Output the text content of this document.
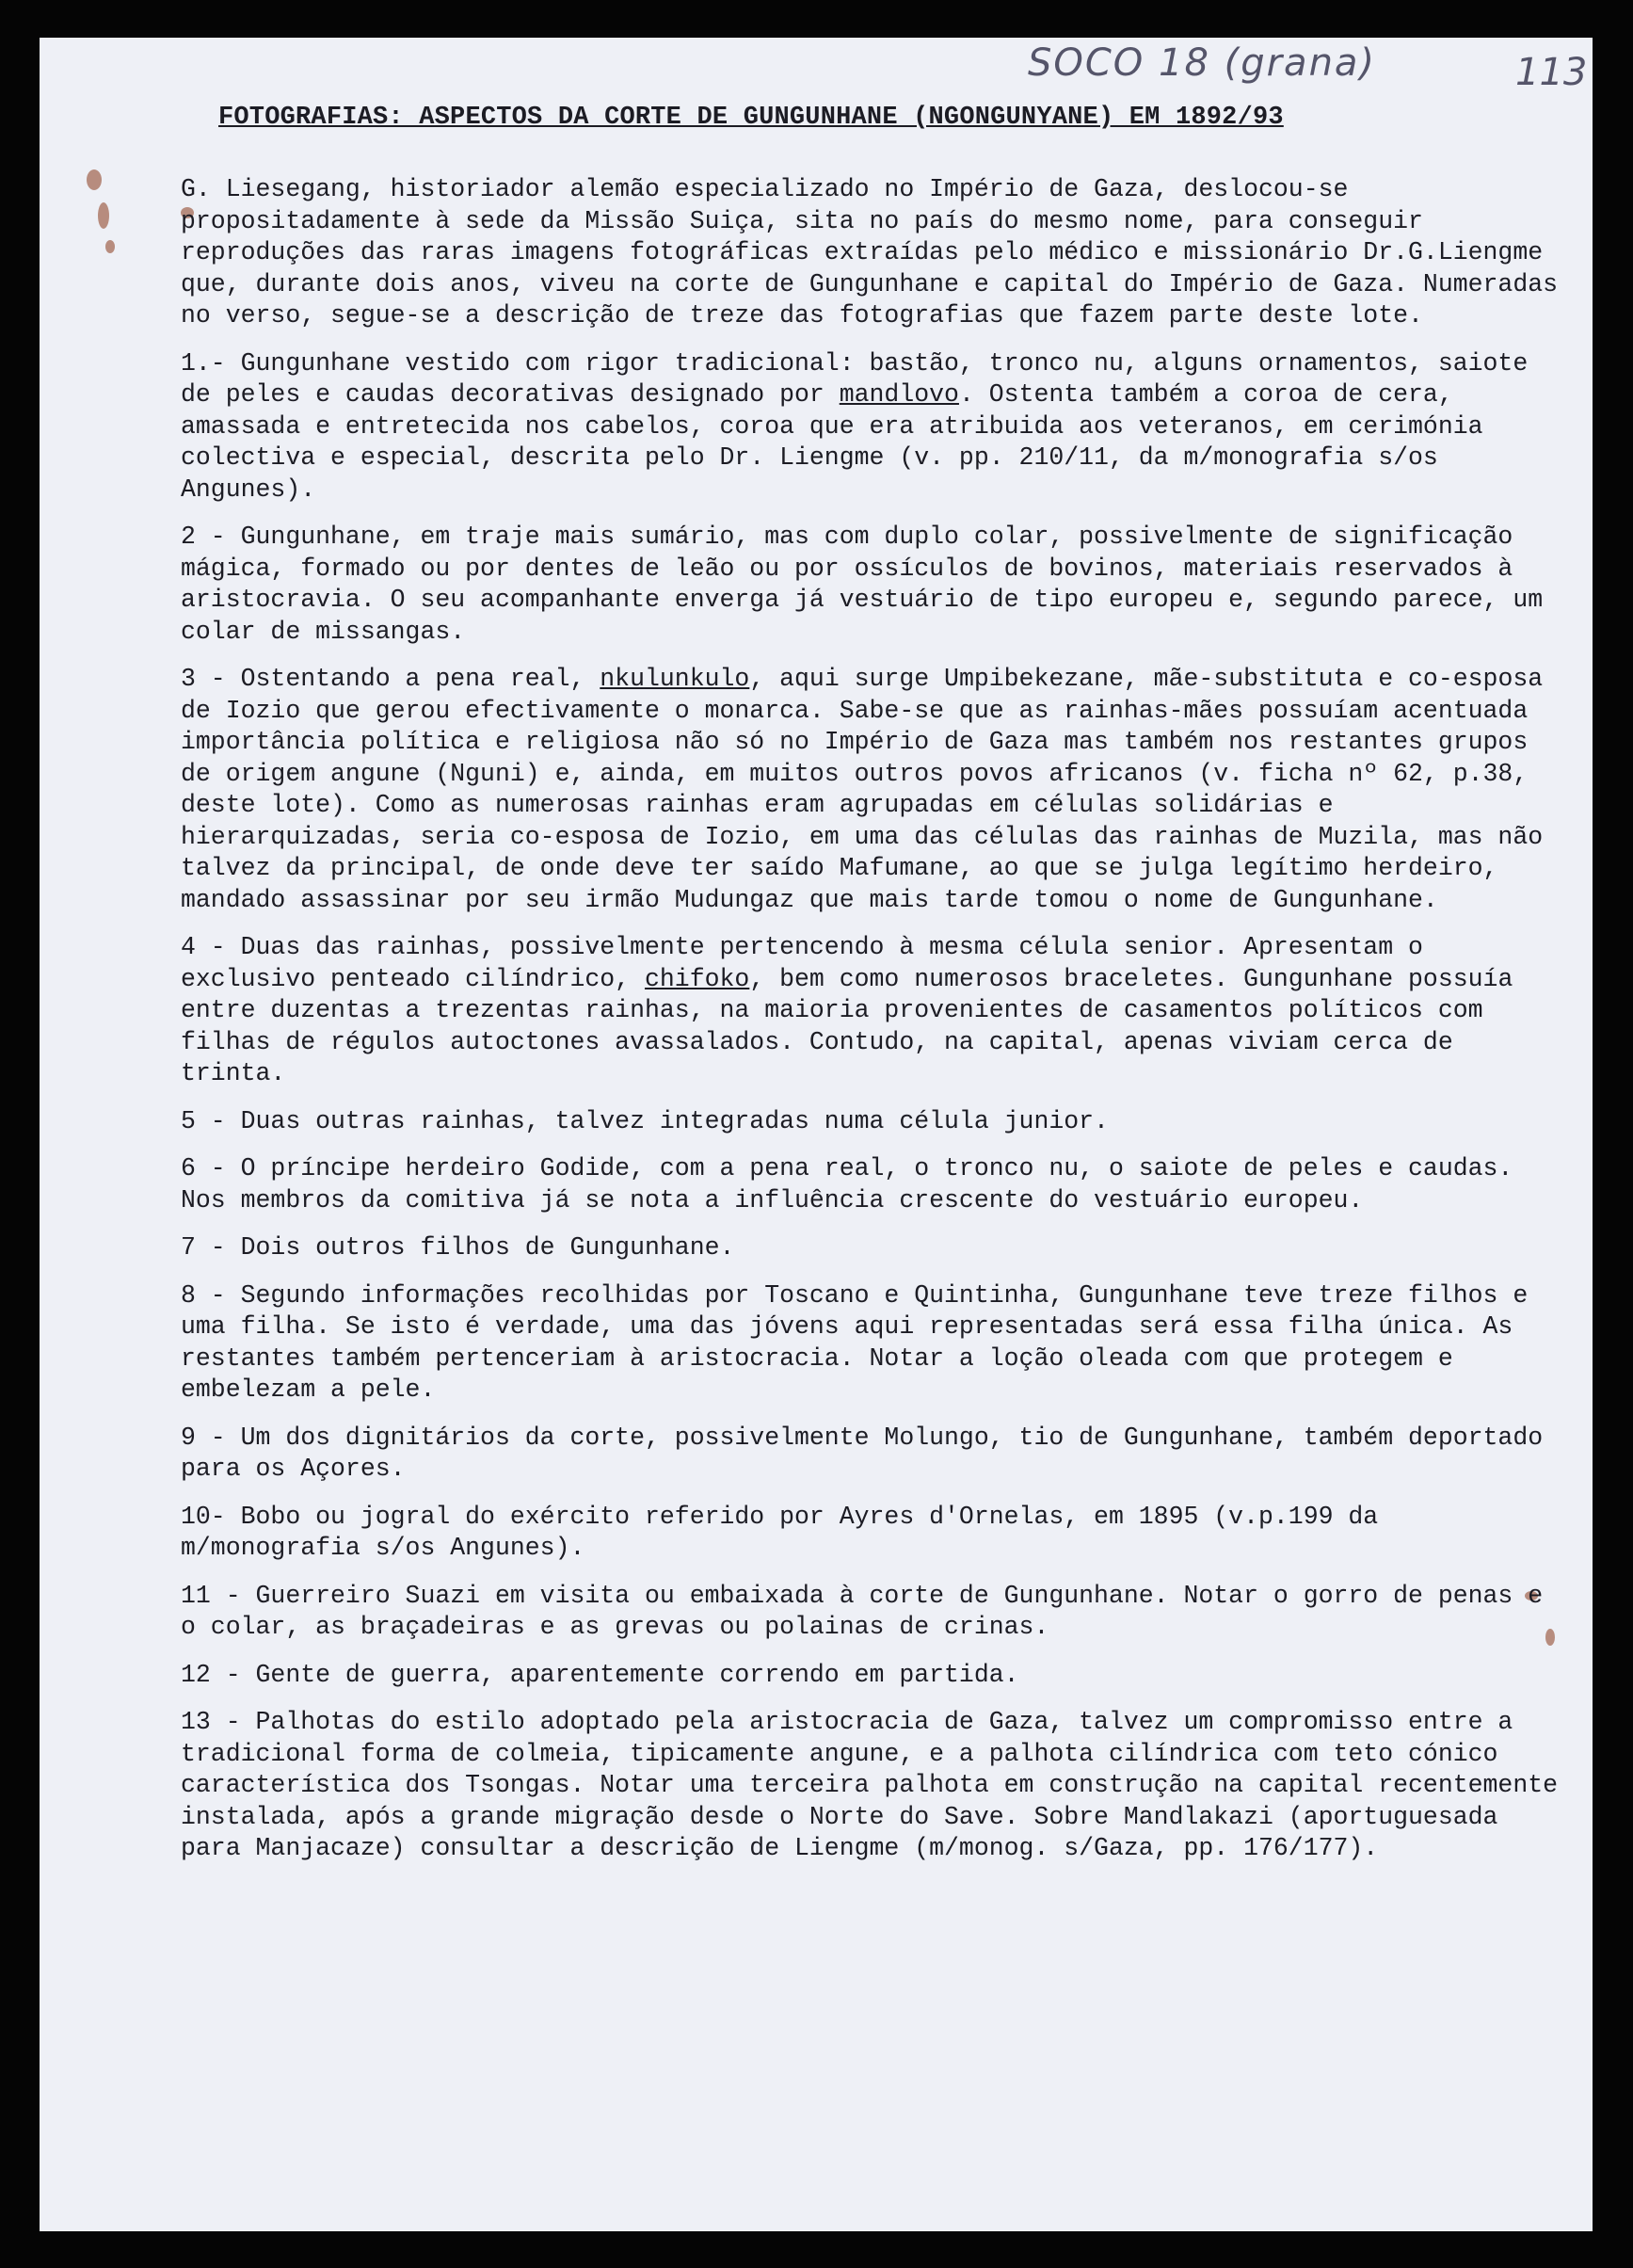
SOCO 18 (grana)	113
FOTOGRAFIAS: ASPECTOS DA CORTE DE GUNGUNHANE (NGONGUNYANE) EM 1892/93

G. Liesegang, historiador alemão especializado no Império de Gaza, deslocou-se propositadamente à sede da Missão Suiça, sita no país do mesmo nome, para conseguir reproduções das raras imagens fotográficas extraídas pelo médico e missionário Dr.G.Liengme que, durante dois anos, viveu na corte de Gungunhane e capital do Império de Gaza. Numeradas no verso, segue-se a descrição de treze das fotografias que fazem parte deste lote.

1.- Gungunhane vestido com rigor tradicional: bastão, tronco nu, alguns ornamentos, saiote de peles e caudas decorativas designado por mandlovo. Ostenta também a coroa de cera, amassada e entretecida nos cabelos, coroa que era atribuida aos veteranos, em cerimónia colectiva e especial, descrita pelo Dr. Liengme (v. pp. 210/11, da m/monografia s/os Angunes).

2 - Gungunhane, em traje mais sumário, mas com duplo colar, possivelmente de significação mágica, formado ou por dentes de leão ou por ossículos de bovinos, materiais reservados à aristocravia. O seu acompanhante enverga já vestuário de tipo europeu e, segundo parece, um colar de missangas.

3 - Ostentando a pena real, nkulunkulo, aqui surge Umpibekezane, mãe-substituta e co-esposa de Iozio que gerou efectivamente o monarca. Sabe-se que as rainhas-mães possuíam acentuada importância política e religiosa não só no Império de Gaza mas também nos restantes grupos de origem angune (Nguni) e, ainda, em muitos outros povos africanos (v. ficha nº 62, p.38, deste lote). Como as numerosas rainhas eram agrupadas em células solidárias e hierarquizadas, seria co-esposa de Iozio, em uma das células das rainhas de Muzila, mas não talvez da principal, de onde deve ter saído Mafumane, ao que se julga legítimo herdeiro, mandado assassinar por seu irmão Mudungaz que mais tarde tomou o nome de Gungunhane.

4 - Duas das rainhas, possivelmente pertencendo à mesma célula senior. Apresentam o exclusivo penteado cilíndrico, chifoko, bem como numerosos braceletes. Gungunhane possuía entre duzentas a trezentas rainhas, na maioria provenientes de casamentos políticos com filhas de régulos autoctones avassalados. Contudo, na capital, apenas viviam cerca de trinta.

5 - Duas outras rainhas, talvez integradas numa célula junior.

6 - O príncipe herdeiro Godide, com a pena real, o tronco nu, o saiote de peles e caudas. Nos membros da comitiva já se nota a influência crescente do vestuário europeu.

7 - Dois outros filhos de Gungunhane.

8 - Segundo informações recolhidas por Toscano e Quintinha, Gungunhane teve treze filhos e uma filha. Se isto é verdade, uma das jóvens aqui representadas será essa filha única. As restantes também pertenceriam à aristocracia. Notar a loção oleada com que protegem e embelezam a pele.

9 - Um dos dignitários da corte, possivelmente Molungo, tio de Gungunhane, também deportado para os Açores.

10- Bobo ou jogral do exército referido por Ayres d'Ornelas, em 1895 (v.p.199 da m/monografia s/os Angunes).

11 - Guerreiro Suazi em visita ou embaixada à corte de Gungunhane. Notar o gorro de penas e o colar, as braçadeiras e as grevas ou polainas de crinas.

12 - Gente de guerra, aparentemente correndo em partida.

13 - Palhotas do estilo adoptado pela aristocracia de Gaza, talvez um compromisso entre a tradicional forma de colmeia, tipicamente angune, e a palhota cilíndrica com teto cónico característica dos Tsongas. Notar uma terceira palhota em construção na capital recentemente instalada, após a grande migração desde o Norte do Save. Sobre Mandlakazi (aportuguesada para Manjacaze) consultar a descrição de Liengme (m/monog. s/Gaza, pp. 176/177).
